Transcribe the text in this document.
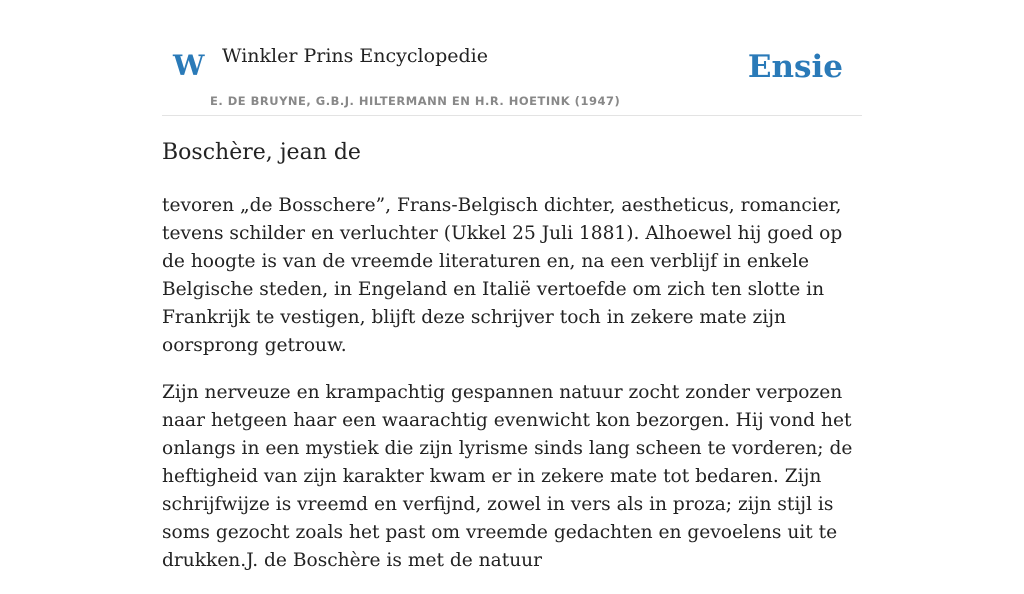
W Winkler Prins Encyclopedie
E. DE BRUYNE, G.B.J. HILTERMANN EN H.R. HOETINK (1947)
Ensie
Boschère, jean de

tevoren „de Bosschere”, Frans-Belgisch dichter, aestheticus, romancier, tevens schilder en verluchter (Ukkel 25 Juli 1881). Alhoewel hij goed op de hoogte is van de vreemde literaturen en, na een verblijf in enkele Belgische steden, in Engeland en Italië vertoefde om zich ten slotte in Frankrijk te vestigen, blijft deze schrijver toch in zekere mate zijn oorsprong getrouw.

Zijn nerveuze en krampachtig gespannen natuur zocht zonder verpozen naar hetgeen haar een waarachtig evenwicht kon bezorgen. Hij vond het onlangs in een mystiek die zijn lyrisme sinds lang scheen te vorderen; de heftigheid van zijn karakter kwam er in zekere mate tot bedaren. Zijn schrijfwijze is vreemd en verfijnd, zowel in vers als in proza; zijn stijl is soms gezocht zoals het past om vreemde gedachten en gevoelens uit te drukken.J. de Boschère is met de natuur
